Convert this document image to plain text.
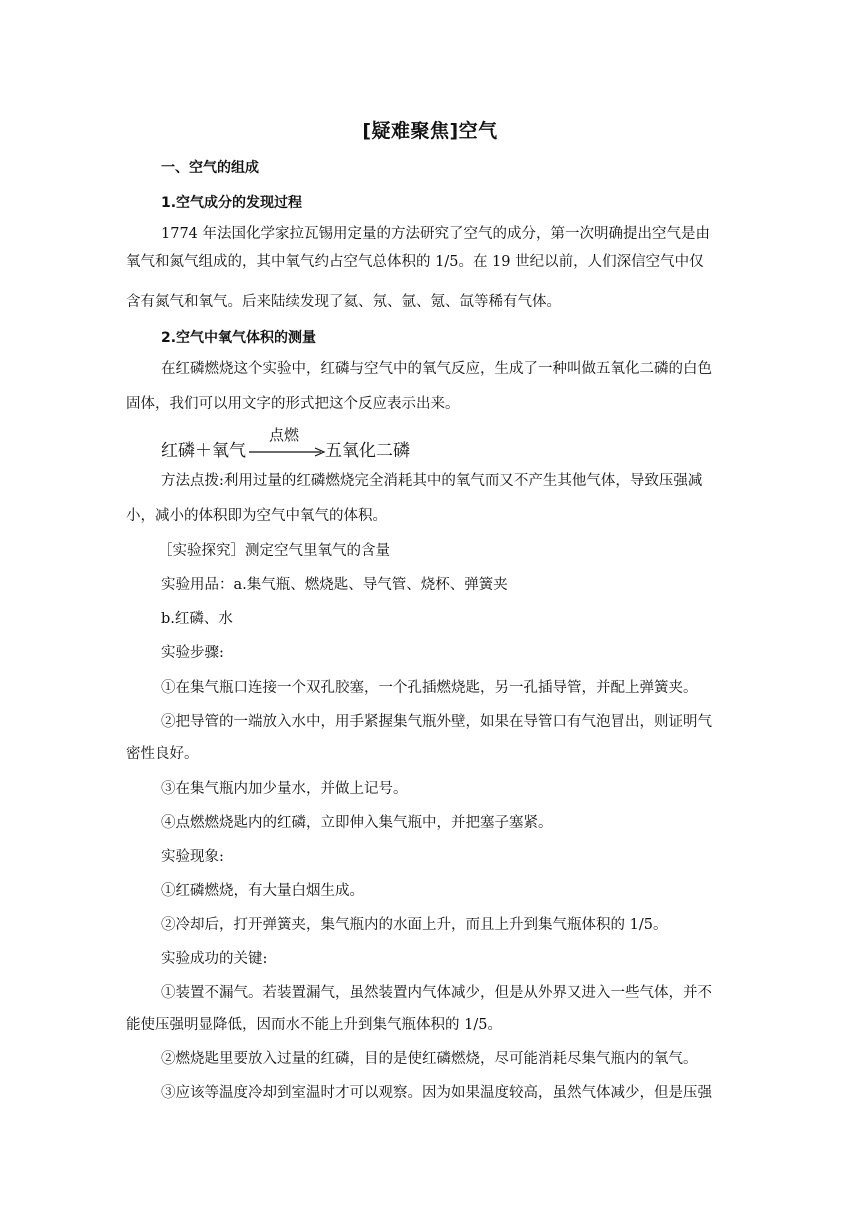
[疑难聚焦]空气
一、空气的组成
1.空气成分的发现过程
1774 年法国化学家拉瓦锡用定量的方法研究了空气的成分，第一次明确提出空气是由
氧气和氮气组成的，其中氧气约占空气总体积的 1/5。在 19 世纪以前，人们深信空气中仅
含有氮气和氧气。后来陆续发现了氦、氖、氩、氪、氙等稀有气体。
2.空气中氧气体积的测量
在红磷燃烧这个实验中，红磷与空气中的氧气反应，生成了一种叫做五氧化二磷的白色
固体，我们可以用文字的形式把这个反应表示出来。
红磷＋氧气
点燃
五氧化二磷
方法点拨:利用过量的红磷燃烧完全消耗其中的氧气而又不产生其他气体，导致压强减
小，减小的体积即为空气中氧气的体积。
［实验探究］测定空气里氧气的含量
实验用品：a.集气瓶、燃烧匙、导气管、烧杯、弹簧夹
b.红磷、水
实验步骤:
①在集气瓶口连接一个双孔胶塞，一个孔插燃烧匙，另一孔插导管，并配上弹簧夹。
②把导管的一端放入水中，用手紧握集气瓶外壁，如果在导管口有气泡冒出，则证明气
密性良好。
③在集气瓶内加少量水，并做上记号。
④点燃燃烧匙内的红磷，立即伸入集气瓶中，并把塞子塞紧。
实验现象:
①红磷燃烧，有大量白烟生成。
②冷却后，打开弹簧夹，集气瓶内的水面上升，而且上升到集气瓶体积的 1/5。
实验成功的关键:
①装置不漏气。若装置漏气，虽然装置内气体减少，但是从外界又进入一些气体，并不
能使压强明显降低，因而水不能上升到集气瓶体积的 1/5。
②燃烧匙里要放入过量的红磷，目的是使红磷燃烧，尽可能消耗尽集气瓶内的氧气。
③应该等温度冷却到室温时才可以观察。因为如果温度较高，虽然气体减少，但是压强
